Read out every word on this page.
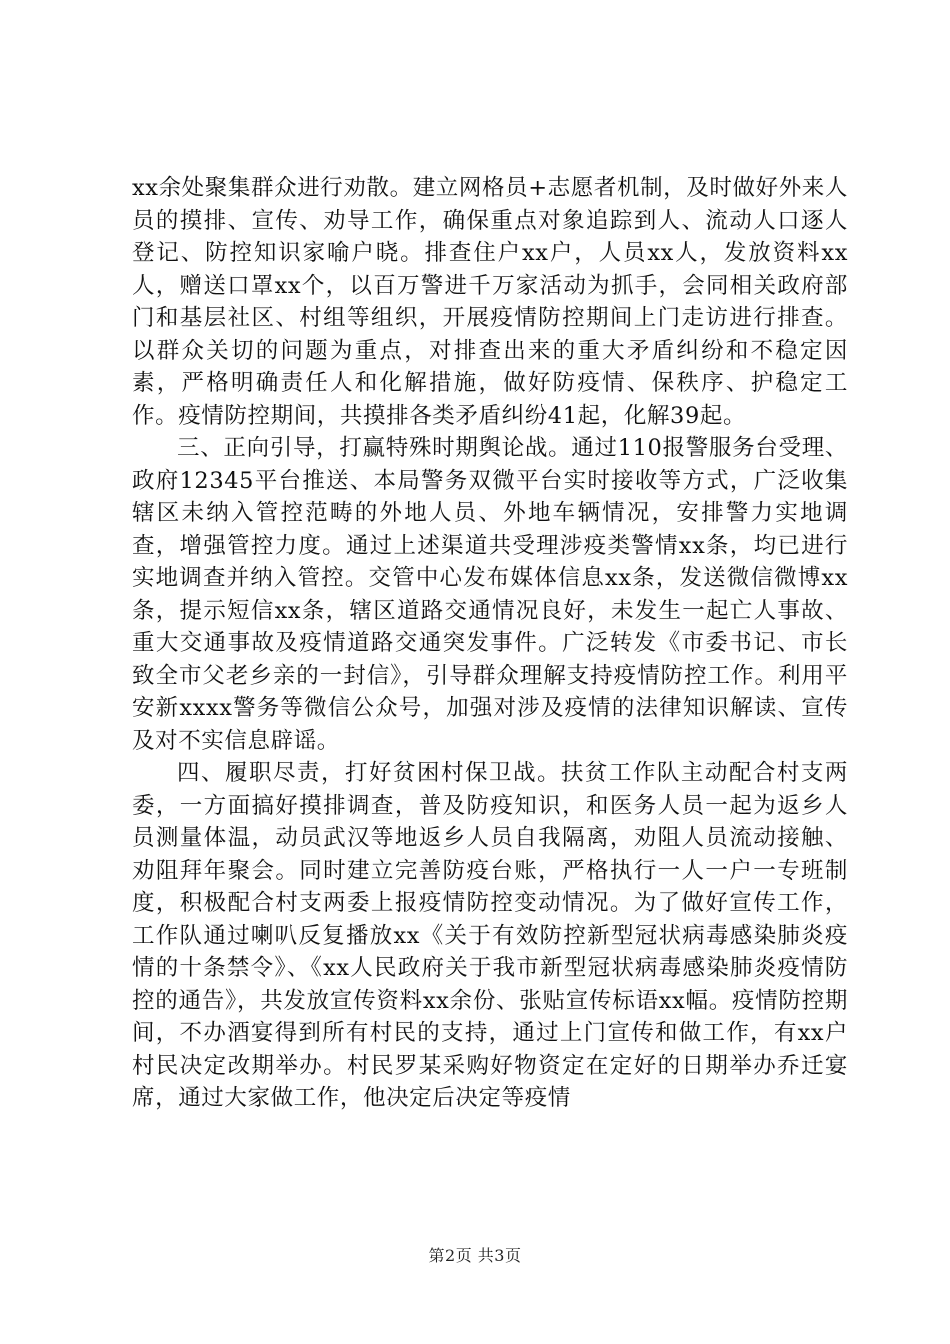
xx余处聚集群众进行劝散。建立网格员+志愿者机制，及时做好外来人员的摸排、宣传、劝导工作，确保重点对象追踪到人、流动人口逐人登记、防控知识家喻户晓。排查住户xx户，人员xx人，发放资料xx人，赠送口罩xx个，以百万警进千万家活动为抓手，会同相关政府部门和基层社区、村组等组织，开展疫情防控期间上门走访进行排查。以群众关切的问题为重点，对排查出来的重大矛盾纠纷和不稳定因素，严格明确责任人和化解措施，做好防疫情、保秩序、护稳定工作。疫情防控期间，共摸排各类矛盾纠纷41起，化解39起。

三、正向引导，打赢特殊时期舆论战。通过110报警服务台受理、政府12345平台推送、本局警务双微平台实时接收等方式，广泛收集辖区未纳入管控范畴的外地人员、外地车辆情况，安排警力实地调查，增强管控力度。通过上述渠道共受理涉疫类警情xx条，均已进行实地调查并纳入管控。交管中心发布媒体信息xx条，发送微信微博xx条，提示短信xx条，辖区道路交通情况良好，未发生一起亡人事故、重大交通事故及疫情道路交通突发事件。广泛转发《市委书记、市长致全市父老乡亲的一封信》，引导群众理解支持疫情防控工作。利用平安新xxxx警务等微信公众号，加强对涉及疫情的法律知识解读、宣传及对不实信息辟谣。

四、履职尽责，打好贫困村保卫战。扶贫工作队主动配合村支两委，一方面搞好摸排调查，普及防疫知识，和医务人员一起为返乡人员测量体温，动员武汉等地返乡人员自我隔离，劝阻人员流动接触、劝阻拜年聚会。同时建立完善防疫台账，严格执行一人一户一专班制度，积极配合村支两委上报疫情防控变动情况。为了做好宣传工作，工作队通过喇叭反复播放xx《关于有效防控新型冠状病毒感染肺炎疫情的十条禁令》、《xx人民政府关于我市新型冠状病毒感染肺炎疫情防控的通告》，共发放宣传资料xx余份、张贴宣传标语xx幅。疫情防控期间，不办酒宴得到所有村民的支持，通过上门宣传和做工作，有xx户村民决定改期举办。村民罗某采购好物资定在定好的日期举办乔迁宴席，通过大家做工作，他决定后决定等疫情

第2页 共3页
